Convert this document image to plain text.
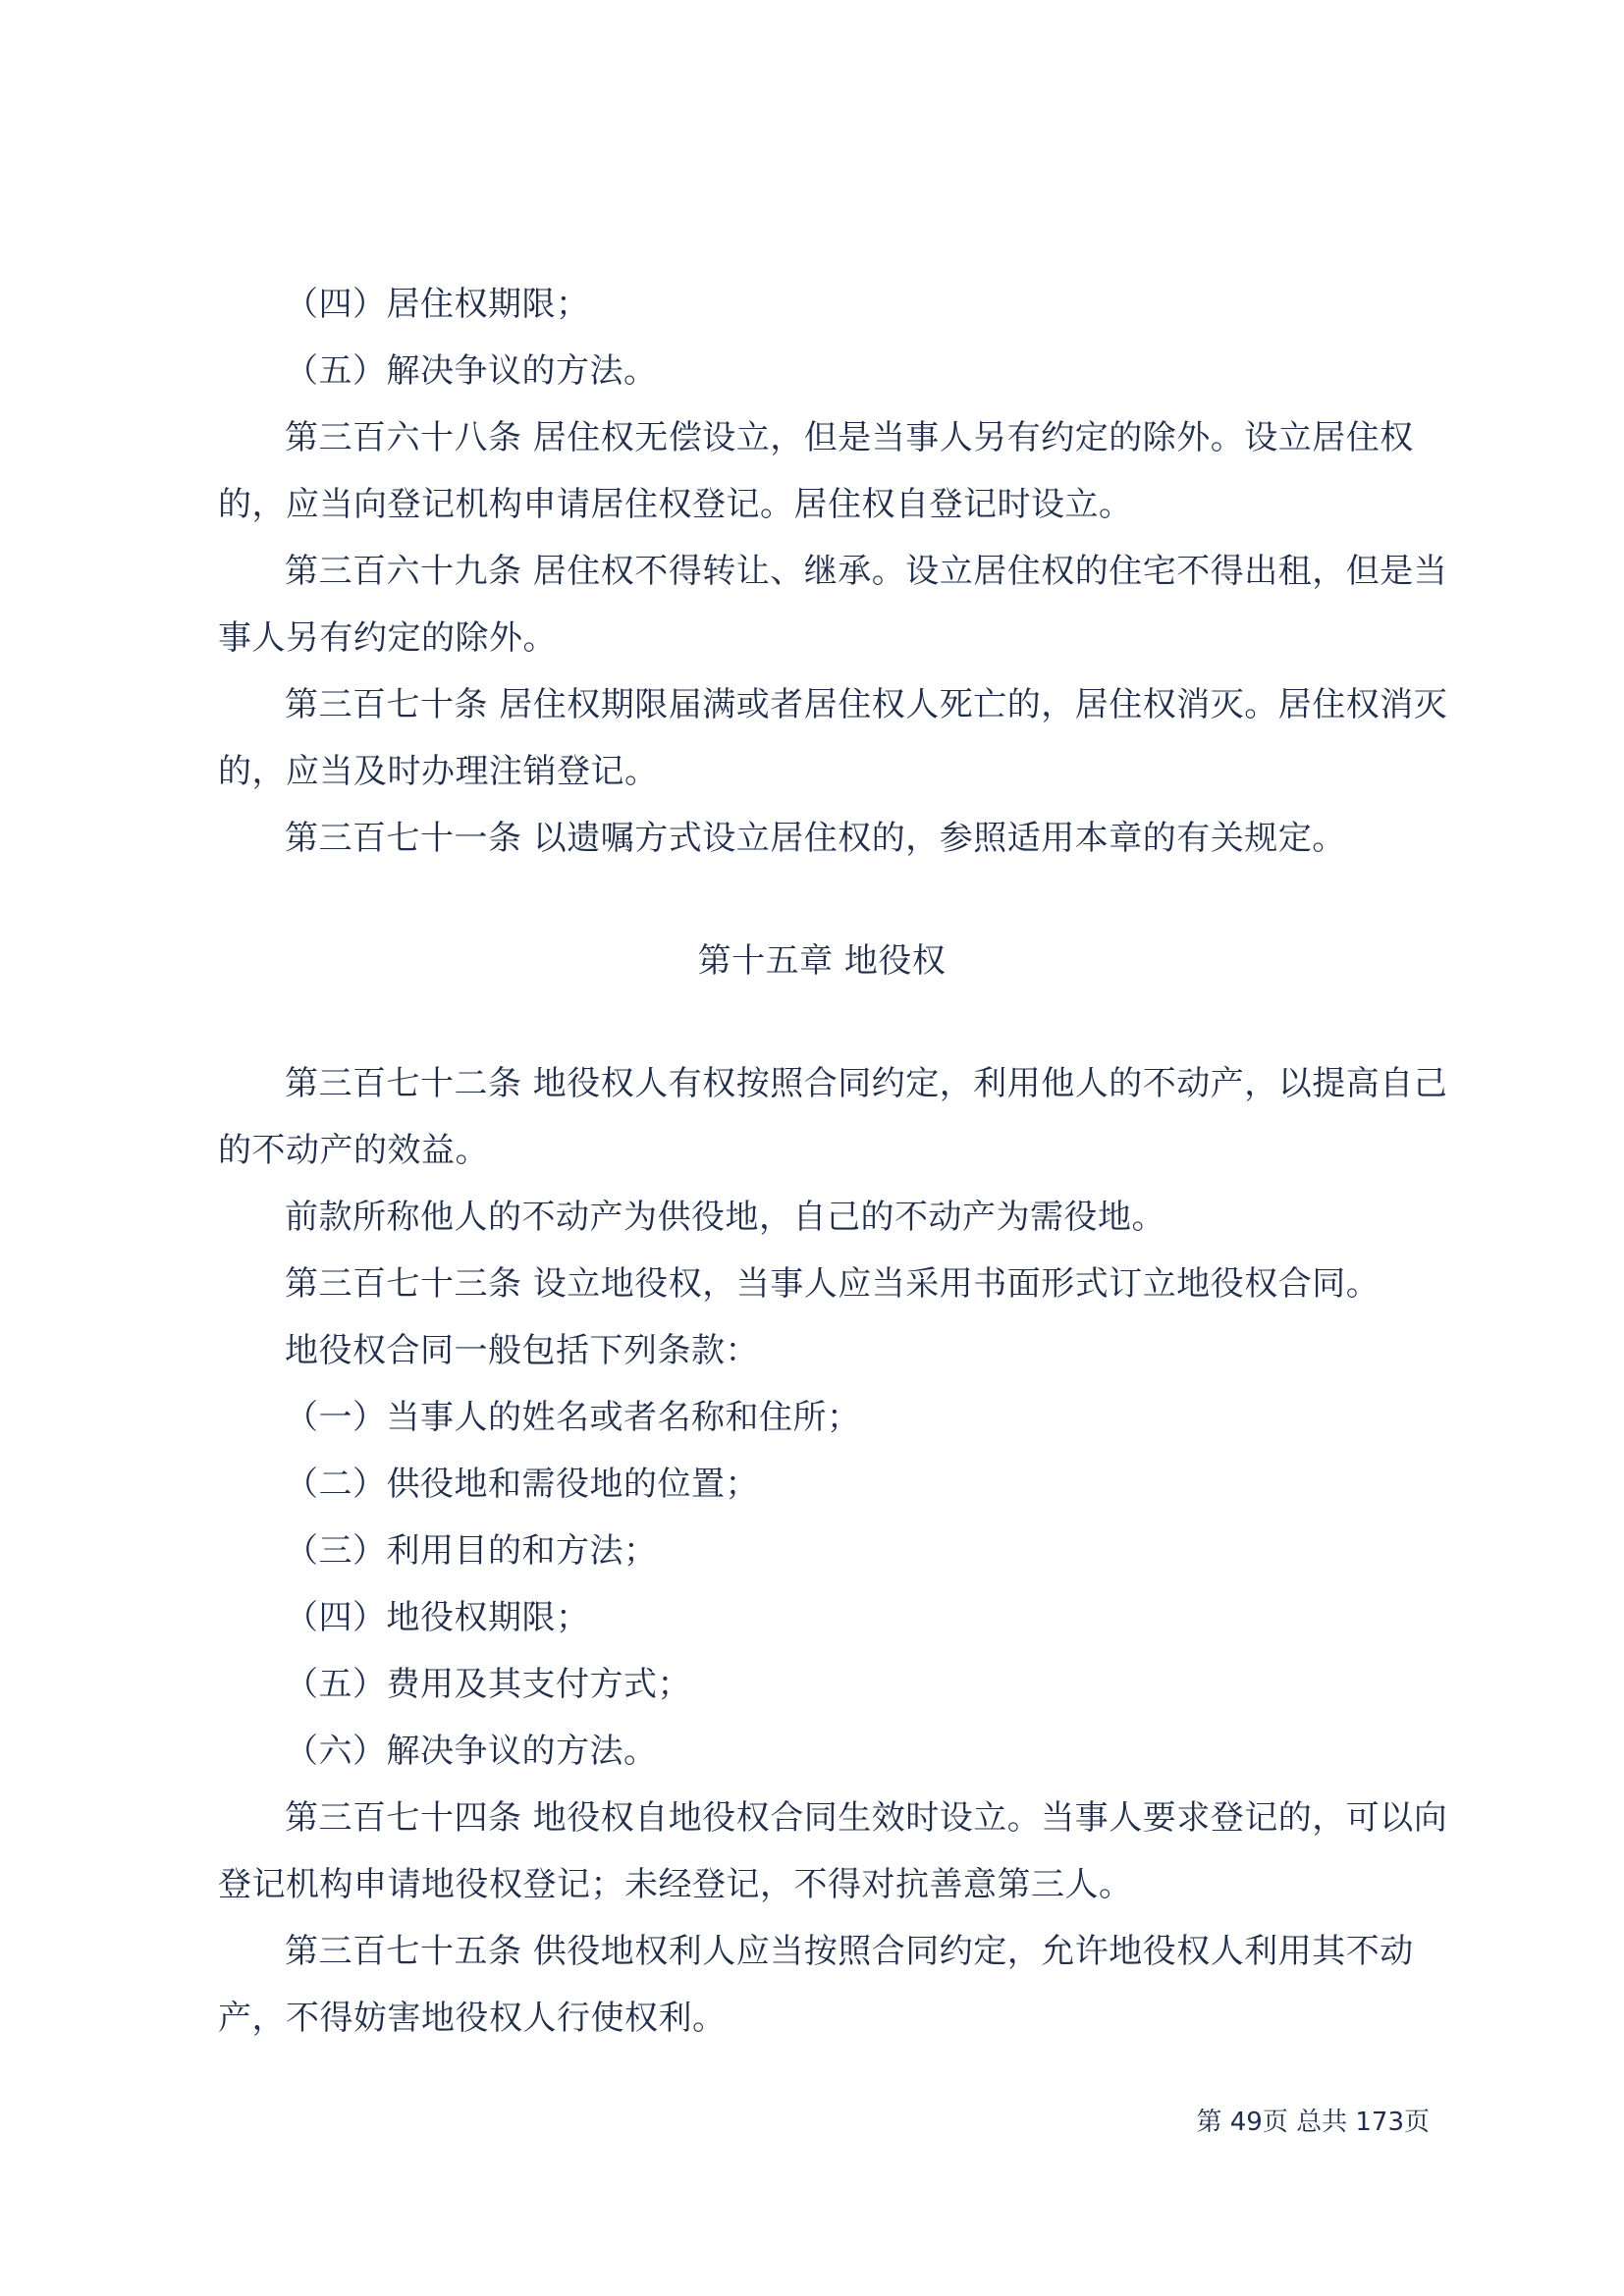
（四）居住权期限；

（五）解决争议的方法。

第三百六十八条 居住权无偿设立，但是当事人另有约定的除外。设立居住权

的，应当向登记机构申请居住权登记。居住权自登记时设立。

第三百六十九条 居住权不得转让、继承。设立居住权的住宅不得出租，但是当

事人另有约定的除外。

第三百七十条 居住权期限届满或者居住权人死亡的，居住权消灭。居住权消灭

的，应当及时办理注销登记。

第三百七十一条 以遗嘱方式设立居住权的，参照适用本章的有关规定。

第十五章 地役权

第三百七十二条 地役权人有权按照合同约定，利用他人的不动产，以提高自己

的不动产的效益。

前款所称他人的不动产为供役地，自己的不动产为需役地。

第三百七十三条 设立地役权，当事人应当采用书面形式订立地役权合同。

地役权合同一般包括下列条款：

（一）当事人的姓名或者名称和住所；

（二）供役地和需役地的位置；

（三）利用目的和方法；

（四）地役权期限；

（五）费用及其支付方式；

（六）解决争议的方法。

第三百七十四条 地役权自地役权合同生效时设立。当事人要求登记的，可以向

登记机构申请地役权登记；未经登记，不得对抗善意第三人。

第三百七十五条 供役地权利人应当按照合同约定，允许地役权人利用其不动

产，不得妨害地役权人行使权利。

第 49页 总共 173页
